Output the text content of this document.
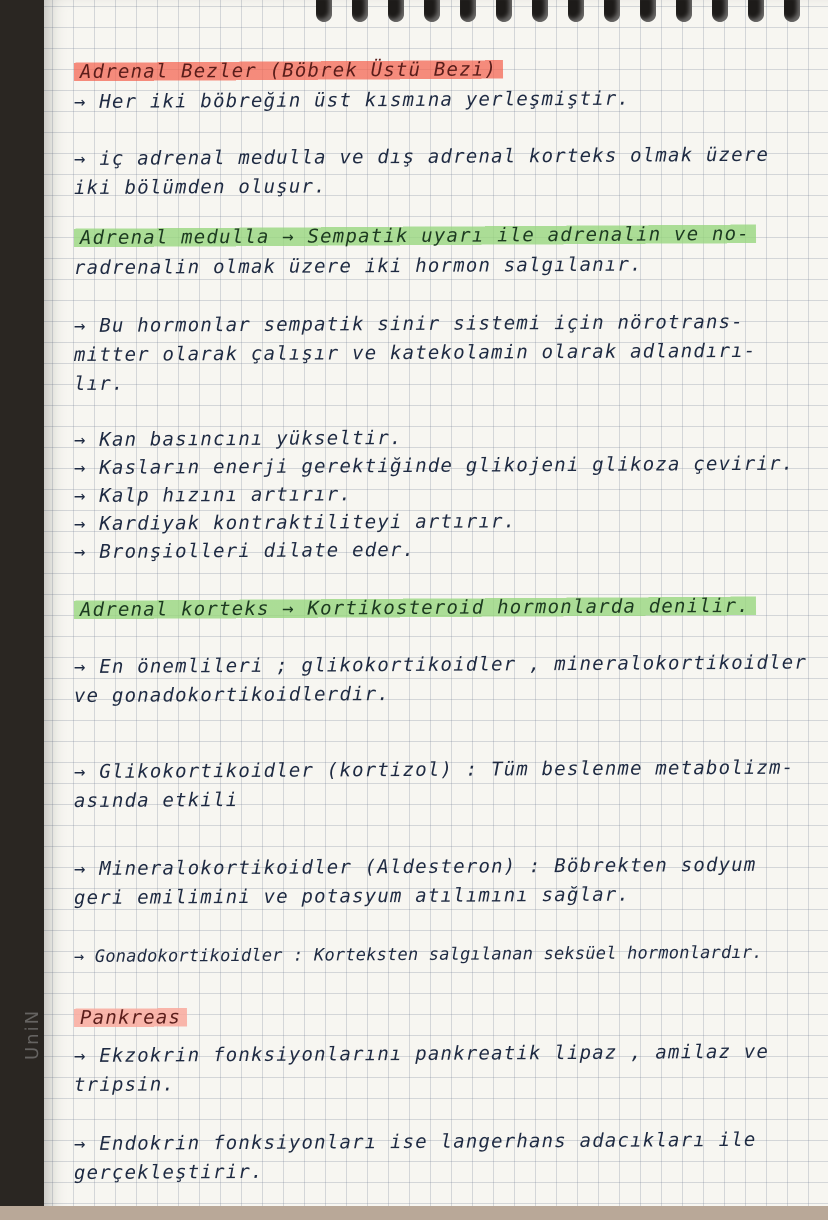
Adrenal Bezler (Böbrek Üstü Bezi)
→ Her iki böbreğin üst kısmına yerleşmiştir.
→ iç adrenal medulla ve dış adrenal korteks olmak üzere
iki bölümden oluşur.
Adrenal medulla → Sempatik uyarı ile adrenalin ve no-
radrenalin olmak üzere iki hormon salgılanır.
→ Bu hormonlar sempatik sinir sistemi için nörotrans-
mitter olarak çalışır ve katekolamin olarak adlandırı-
lır.
→ Kan basıncını yükseltir.
→ Kasların enerji gerektiğinde glikojeni glikoza çevirir.
→ Kalp hızını artırır.
→ Kardiyak kontraktiliteyi artırır.
→ Bronşiolleri dilate eder.
Adrenal korteks → Kortikosteroid hormonlarda denilir.
→ En önemlileri ; glikokortikoidler , mineralokortikoidler
ve gonadokortikoidlerdir.
→ Glikokortikoidler (kortizol) : Tüm beslenme metabolizm-
asında etkili
→ Mineralokortikoidler (Aldesteron) : Böbrekten sodyum
geri emilimini ve potasyum atılımını sağlar.
→ Gonadokortikoidler : Korteksten salgılanan seksüel hormonlardır.
Pankreas
→ Ekzokrin fonksiyonlarını pankreatik lipaz , amilaz ve
tripsin.
→ Endokrin fonksiyonları ise langerhans adacıkları ile
gerçekleştirir.
UniN
